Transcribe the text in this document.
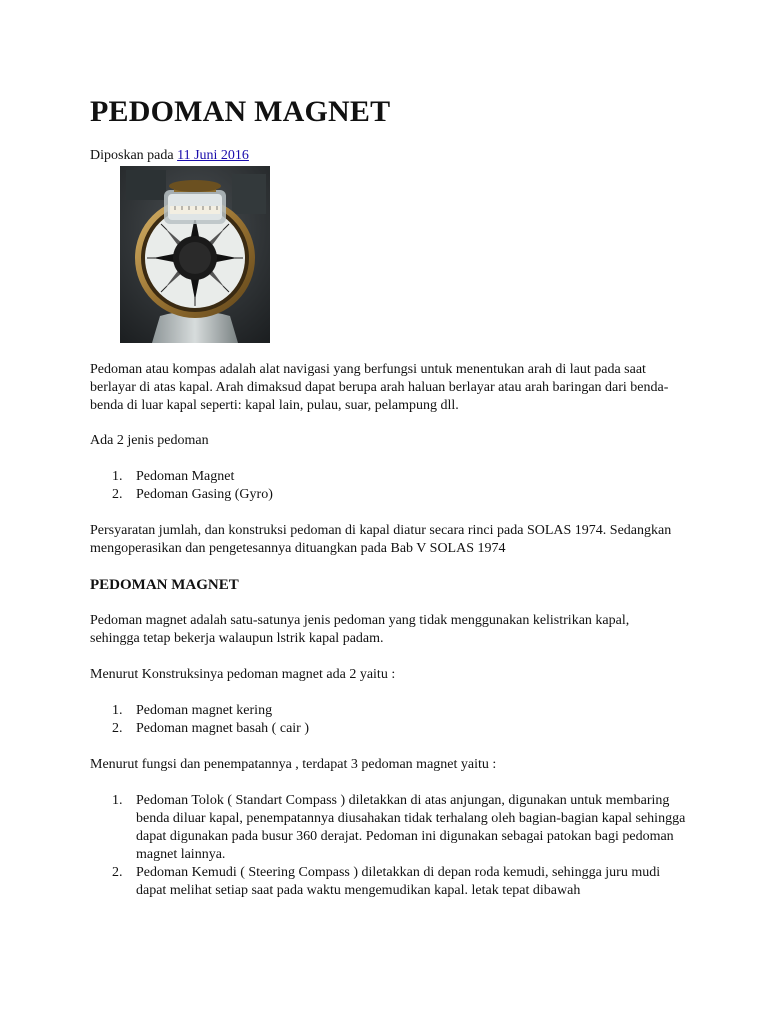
PEDOMAN MAGNET

Diposkan pada 11 Juni 2016

Pedoman atau kompas adalah alat navigasi yang berfungsi untuk menentukan arah di laut pada saat berlayar di atas kapal. Arah dimaksud dapat berupa arah haluan berlayar atau arah baringan dari benda-benda di luar kapal seperti: kapal lain, pulau, suar, pelampung dll.

Ada 2 jenis pedoman

1. Pedoman Magnet
2. Pedoman Gasing (Gyro)

Persyaratan jumlah, dan konstruksi pedoman di kapal diatur secara rinci pada SOLAS 1974. Sedangkan mengoperasikan dan pengetesannya dituangkan pada Bab V SOLAS 1974

PEDOMAN MAGNET

Pedoman magnet adalah satu-satunya jenis pedoman yang tidak menggunakan kelistrikan kapal, sehingga tetap bekerja walaupun lstrik kapal padam.

Menurut Konstruksinya pedoman magnet ada 2 yaitu :

1. Pedoman magnet kering
2. Pedoman magnet basah ( cair )

Menurut fungsi dan penempatannya , terdapat 3 pedoman magnet yaitu :

1. Pedoman Tolok ( Standart Compass ) diletakkan di atas anjungan, digunakan untuk membaring benda diluar kapal, penempatannya diusahakan tidak terhalang oleh bagian-bagian kapal sehingga dapat digunakan pada busur 360 derajat. Pedoman ini digunakan sebagai patokan bagi pedoman magnet lainnya.
2. Pedoman Kemudi ( Steering Compass ) diletakkan di depan roda kemudi, sehingga juru mudi dapat melihat setiap saat pada waktu mengemudikan kapal. letak tepat dibawah
